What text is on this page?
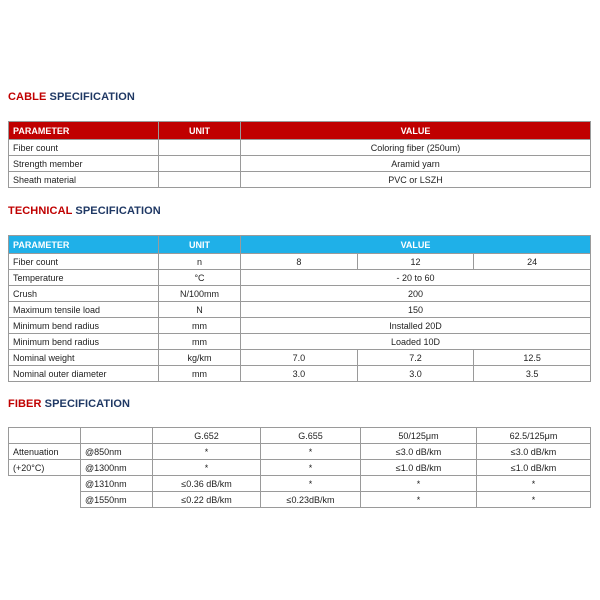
CABLE SPECIFICATION
PARAMETER	UNIT	VALUE
Fiber count		Coloring fiber (250um)
Strength member		Aramid yarn
Sheath material		PVC or LSZH
TECHNICAL SPECIFICATION
PARAMETER	UNIT	VALUE		
Fiber count	n	8	12	24
Temperature	°C	- 20 to 60		
Crush	N/100mm	200		
Maximum tensile load	N	150		
Minimum bend radius	mm	Installed 20D		
Minimum bend radius	mm	Loaded 10D		
Nominal weight	kg/km	7.0	7.2	12.5
Nominal outer diameter	mm	3.0	3.0	3.5
FIBER SPECIFICATION
		G.652	G.655	50/125μm	62.5/125μm
Attenuation	@850nm	*	*	≤3.0 dB/km	≤3.0 dB/km
(+20°C)	@1300nm	*	*	≤1.0 dB/km	≤1.0 dB/km
	@1310nm	≤0.36 dB/km	*	*	*
	@1550nm	≤0.22 dB/km	≤0.23dB/km	*	*
